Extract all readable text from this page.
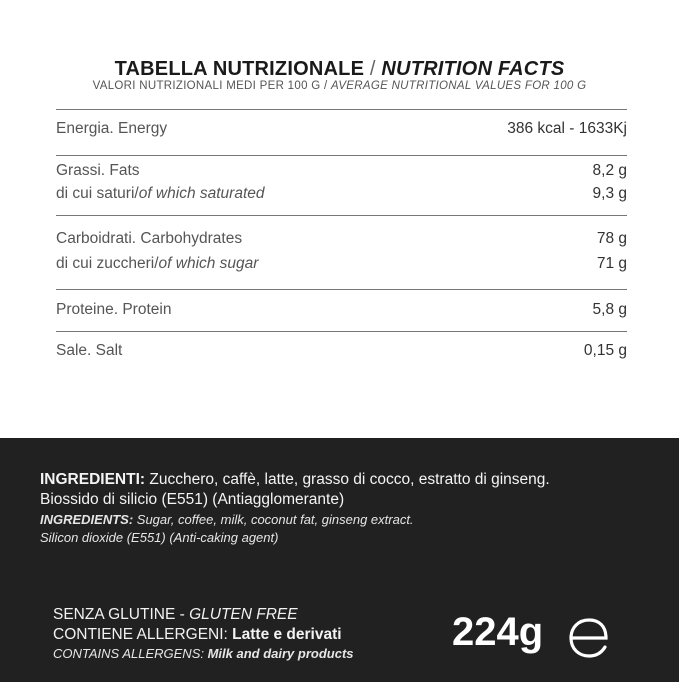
TABELLA NUTRIZIONALE / NUTRITION FACTS
VALORI NUTRIZIONALI MEDI PER 100 G / AVERAGE NUTRITIONAL VALUES FOR 100 G
Energia. Energy	386 kcal - 1633Kj
Grassi. Fats	8,2 g
di cui saturi/of which saturated	9,3 g
Carboidrati. Carbohydrates	78 g
di cui zuccheri/of which sugar	71 g
Proteine. Protein	5,8 g
Sale. Salt	0,15 g
INGREDIENTI: Zucchero, caffè, latte, grasso di cocco, estratto di ginseng.
Biossido di silicio (E551) (Antiagglomerante)
INGREDIENTS: Sugar, coffee, milk, coconut fat, ginseng extract.
Silicon dioxide (E551) (Anti-caking agent)
SENZA GLUTINE - GLUTEN FREE
CONTIENE ALLERGENI: Latte e derivati
CONTAINS ALLERGENS: Milk and dairy products 224g
